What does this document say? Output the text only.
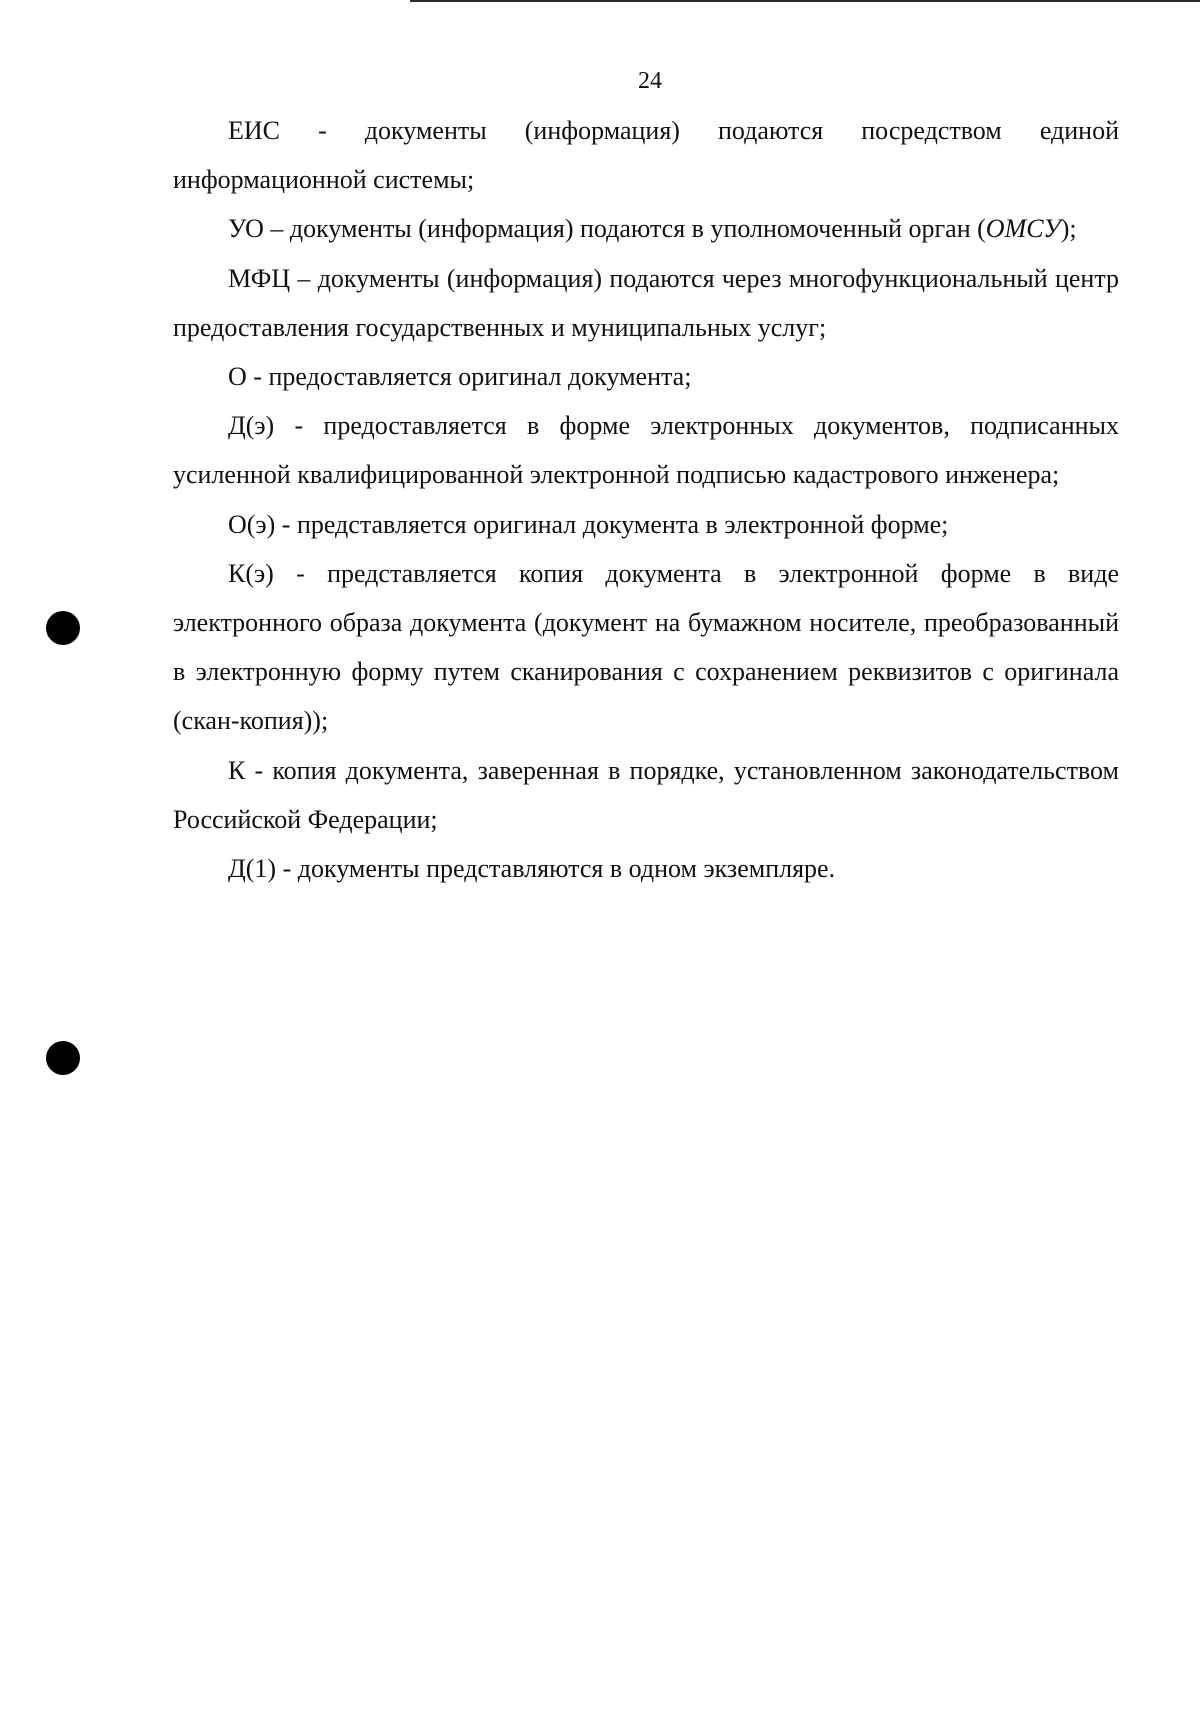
24

ЕИС - документы (информация) подаются посредством единой информационной системы;

УО – документы (информация) подаются в уполномоченный орган (ОМСУ);

МФЦ – документы (информация) подаются через многофункциональный центр предоставления государственных и муниципальных услуг;

О - предоставляется оригинал документа;

Д(э) - предоставляется в форме электронных документов, подписанных усиленной квалифицированной электронной подписью кадастрового инженера;

О(э) - представляется оригинал документа в электронной форме;

К(э) - представляется копия документа в электронной форме в виде электронного образа документа (документ на бумажном носителе, преобразованный в электронную форму путем сканирования с сохранением реквизитов с оригинала (скан-копия));

К - копия документа, заверенная в порядке, установленном законодательством Российской Федерации;

Д(1) - документы представляются в одном экземпляре.
